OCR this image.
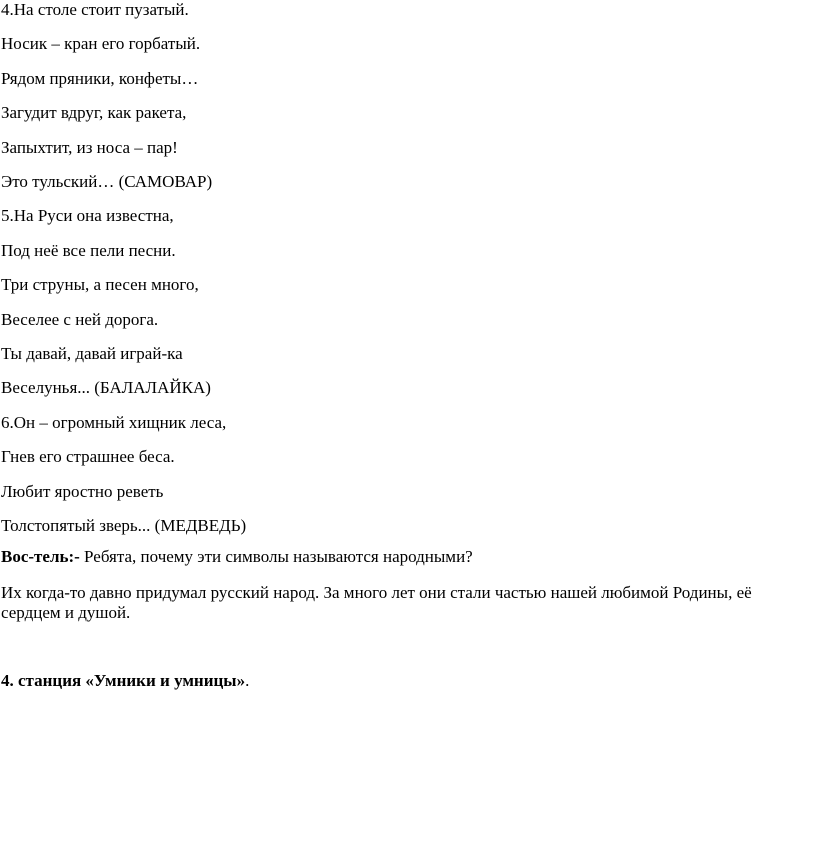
4.На столе стоит пузатый.
Носик – кран его горбатый.
Рядом пряники, конфеты…
Загудит вдруг, как ракета,
Запыхтит, из носа – пар!
Это тульский… (САМОВАР)
5.На Руси она известна,
Под неё все пели песни.
Три струны, а песен много,
Веселее с ней дорога.
Ты давай, давай играй-ка
Веселунья... (БАЛАЛАЙКА)
6.Он – огромный хищник леса,
Гнев его страшнее беса.
Любит яростно реветь
Толстопятый зверь... (МЕДВЕДЬ)
Вос-тель:- Ребята, почему эти символы называются народными?
Их когда-то давно придумал русский народ. За много лет они стали частью нашей любимой Родины, её сердцем и душой.
4. станция «Умники и умницы».
